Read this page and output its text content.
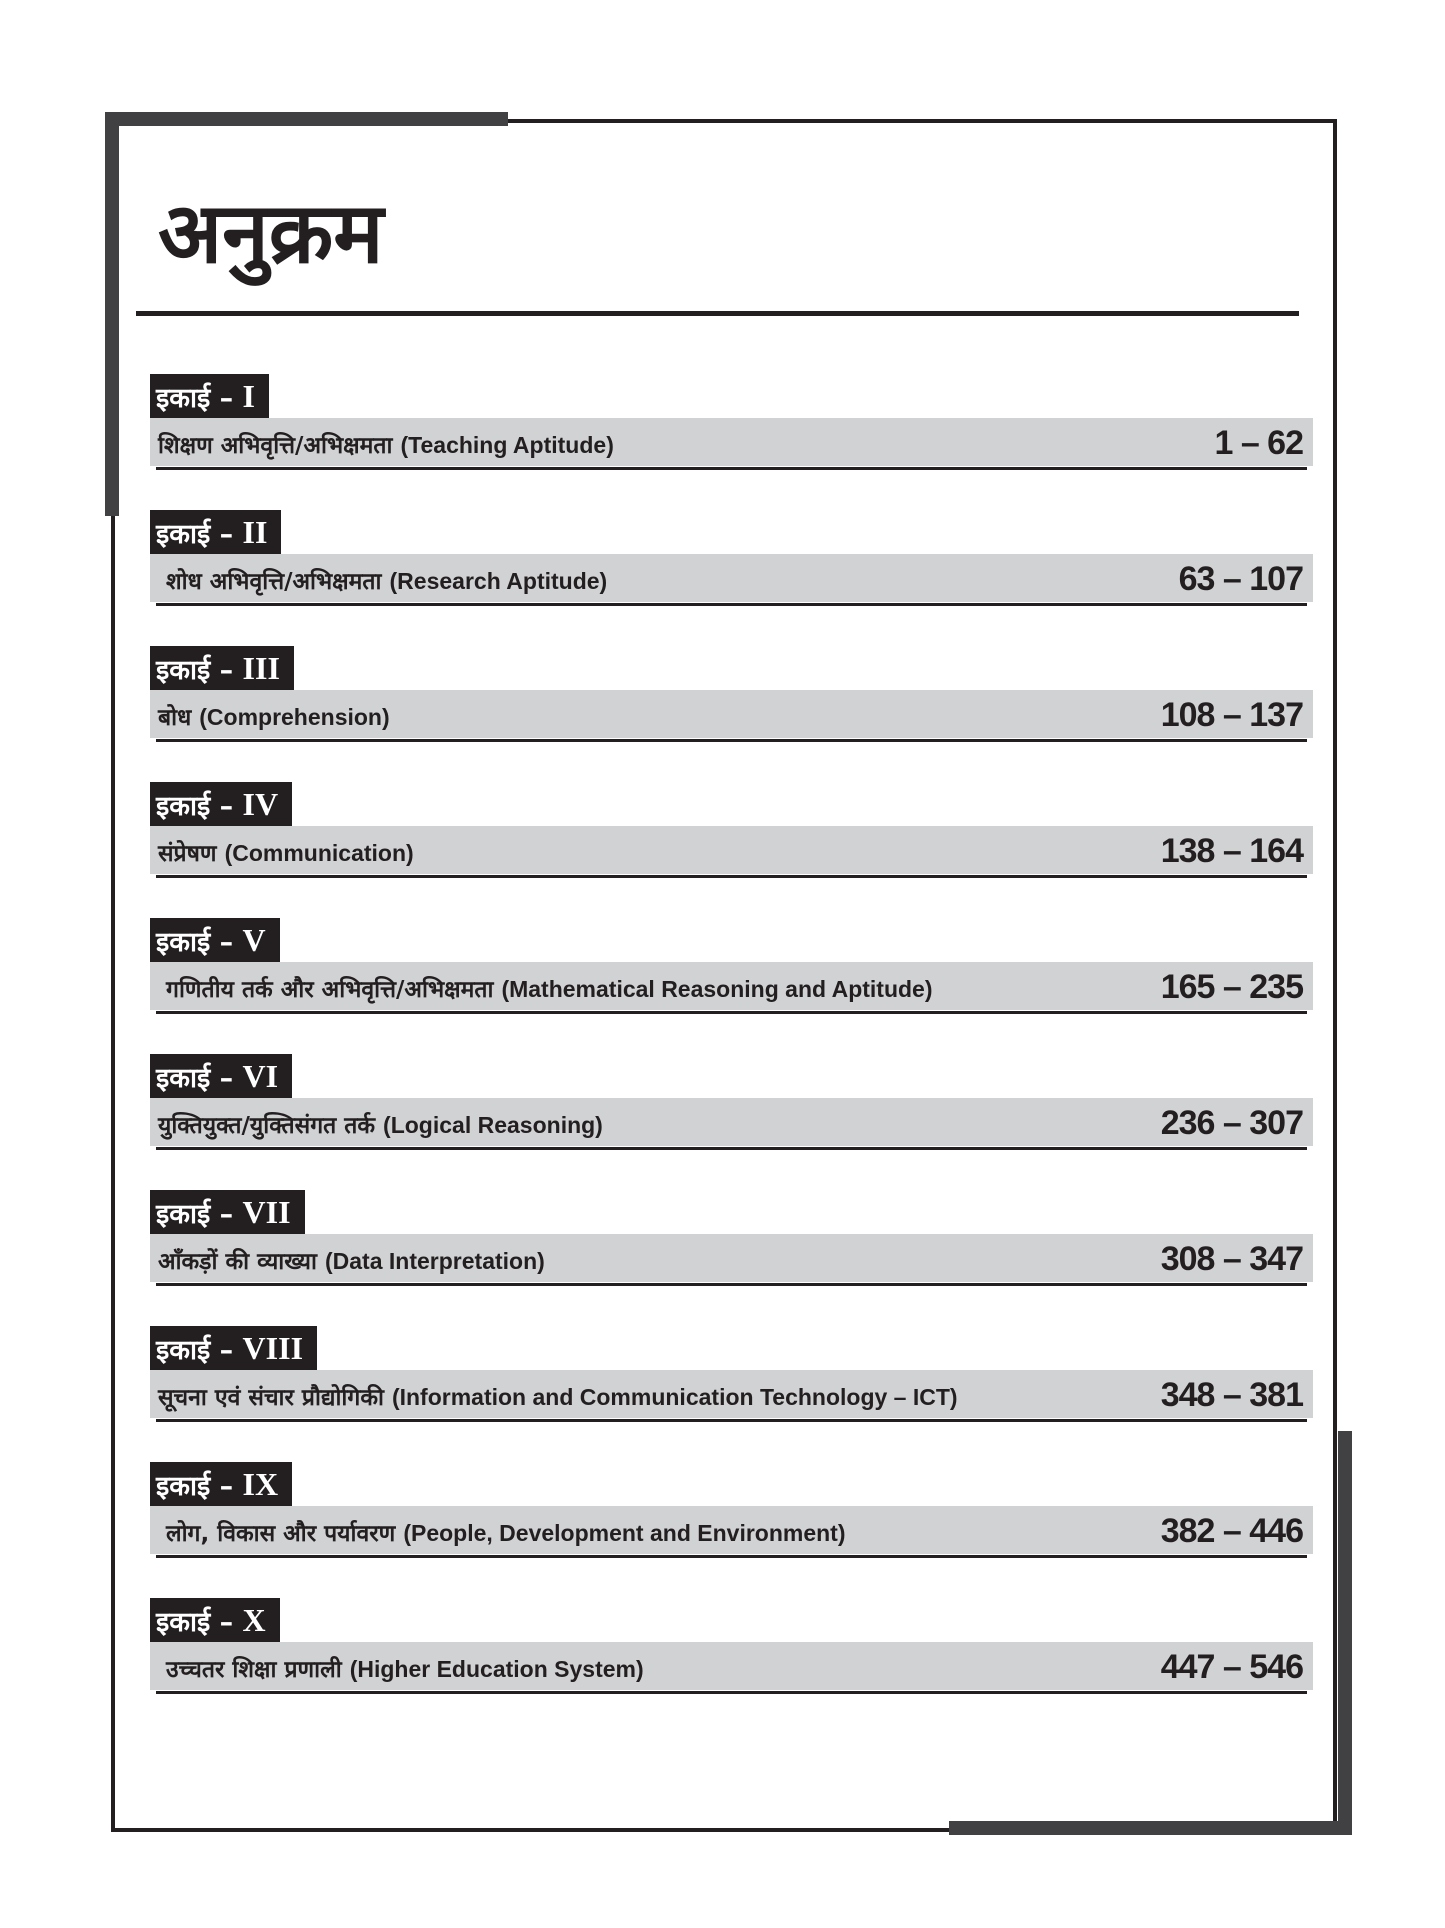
अनुक्रम
इकाई – I
शिक्षण अभिवृत्ति/अभिक्षमता (Teaching Aptitude)	1 – 62
इकाई – II
शोध अभिवृत्ति/अभिक्षमता (Research Aptitude)	63 – 107
इकाई – III
बोध (Comprehension)	108 – 137
इकाई – IV
संप्रेषण (Communication)	138 – 164
इकाई – V
गणितीय तर्क और अभिवृत्ति/अभिक्षमता (Mathematical Reasoning and Aptitude)	165 – 235
इकाई – VI
युक्तियुक्त/युक्तिसंगत तर्क (Logical Reasoning)	236 – 307
इकाई – VII
आँकड़ों की व्याख्या (Data Interpretation)	308 – 347
इकाई – VIII
सूचना एवं संचार प्रौद्योगिकी (Information and Communication Technology – ICT)	348 – 381
इकाई – IX
लोग, विकास और पर्यावरण (People, Development and Environment)	382 – 446
इकाई – X
उच्चतर शिक्षा प्रणाली (Higher Education System)	447 – 546
